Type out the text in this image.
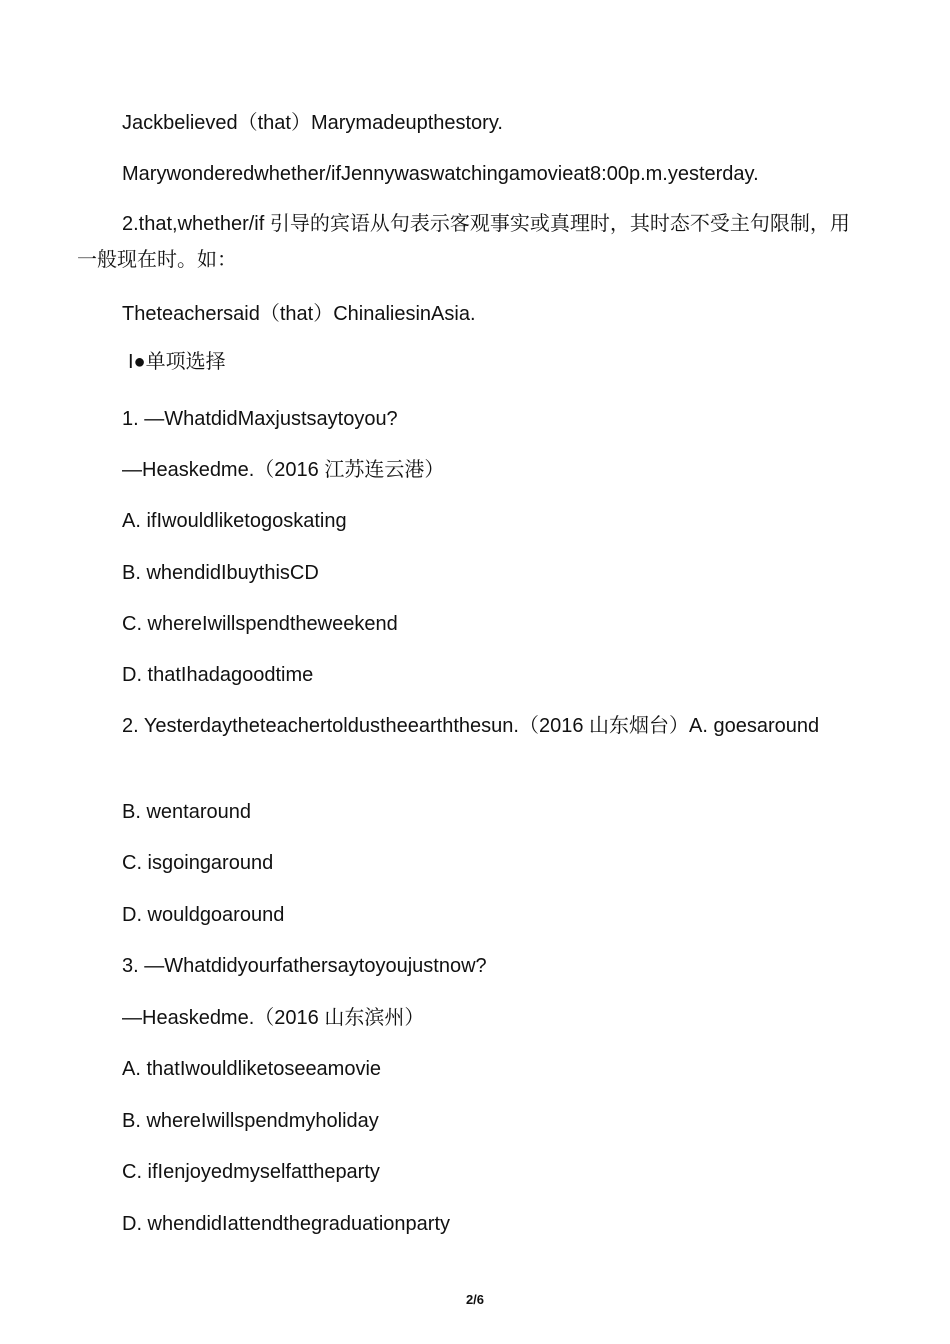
Jackbelieved（that）Marymadeupthestory.
Marywonderedwhether/ifJennywaswatchingamovieat8:00p.m.yesterday.
2.that,whether/if 引导的宾语从句表示客观事实或真理时，其时态不受主句限制，用一般现在时。如：
Theteachersaid（that）ChinaliesinAsia.
I●单项选择
1. —WhatdidMaxjustsaytoyou?
—Heaskedme.（2016 江苏连云港）
A. ifIwouldliketogoskating
B. whendidIbuythisCD
C. whereIwillspendtheweekend
D. thatIhadagoodtime
2. Yesterdaytheteachertoldustheearththesun.（2016 山东烟台）A. goesaround
B. wentaround
C. isgoingaround
D. wouldgoaround
3. —Whatdidyourfathersaytoyoujustnow?
—Heaskedme.（2016 山东滨州）
A. thatIwouldliketoseeamovie
B. whereIwillspendmyholiday
C. ifIenjoyedmyselfattheparty
D. whendidIattendthegraduationparty
2/6
